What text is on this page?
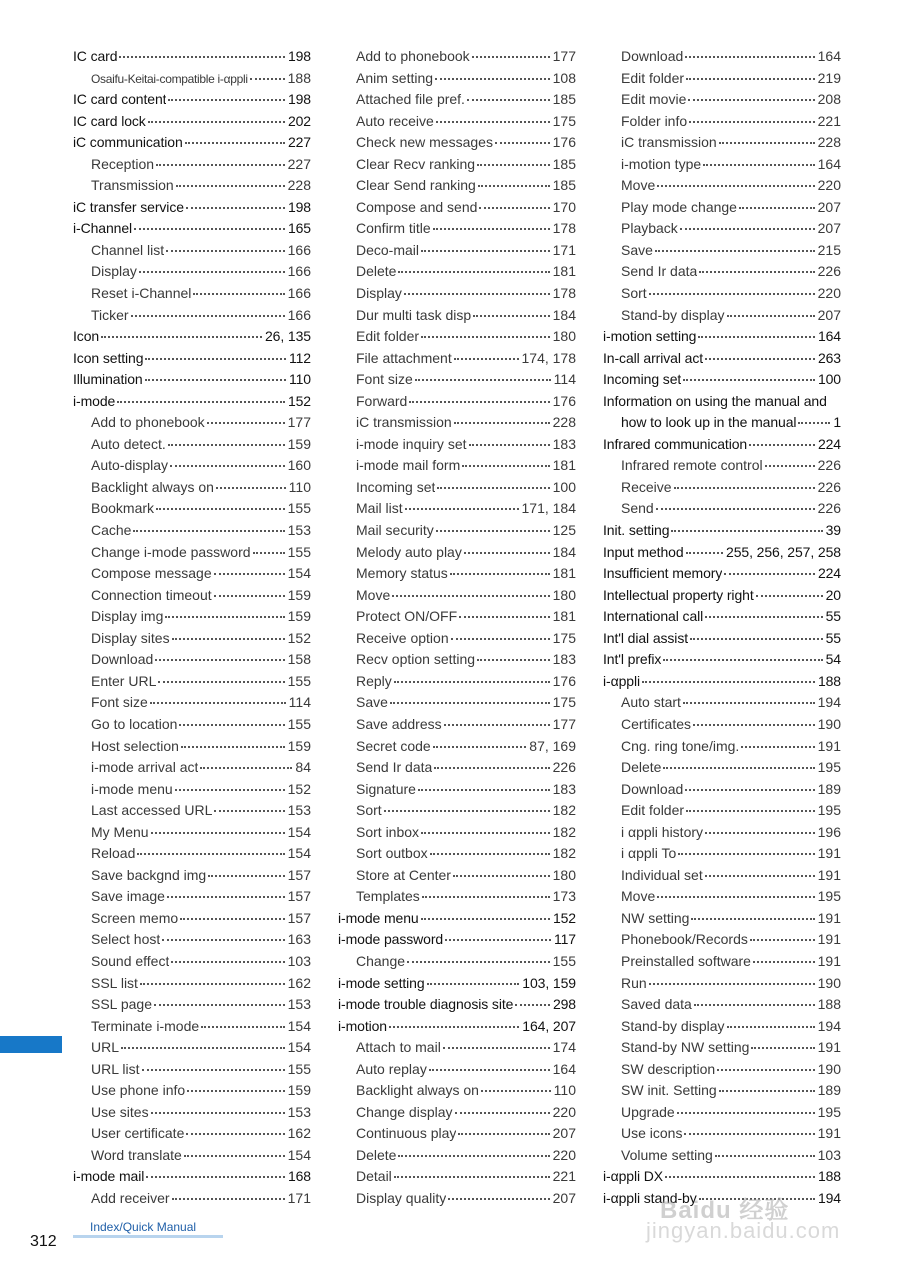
IC card	198
Osaifu-Keitai-compatible i-αppli	188
IC card content	198
IC card lock	202
iC communication	227
Reception	227
Transmission	228
iC transfer service	198
i-Channel	165
Channel list	166
Display	166
Reset i-Channel	166
Ticker	166
Icon	26, 135
Icon setting	112
Illumination	110
i-mode	152
Add to phonebook	177
Auto detect.	159
Auto-display	160
Backlight always on	110
Bookmark	155
Cache	153
Change i-mode password	155
Compose message	154
Connection timeout	159
Display img	159
Display sites	152
Download	158
Enter URL	155
Font size	114
Go to location	155
Host selection	159
i-mode arrival act	84
i-mode menu	152
Last accessed URL	153
My Menu	154
Reload	154
Save backgnd img	157
Save image	157
Screen memo	157
Select host	163
Sound effect	103
SSL list	162
SSL page	153
Terminate i-mode	154
URL	154
URL list	155
Use phone info	159
Use sites	153
User certificate	162
Word translate	154
i-mode mail	168
Add receiver	171
Add to phonebook	177
Anim setting	108
Attached file pref.	185
Auto receive	175
Check new messages	176
Clear Recv ranking	185
Clear Send ranking	185
Compose and send	170
Confirm title	178
Deco-mail	171
Delete	181
Display	178
Dur multi task disp	184
Edit folder	180
File attachment	174, 178
Font size	114
Forward	176
iC transmission	228
i-mode inquiry set	183
i-mode mail form	181
Incoming set	100
Mail list	171, 184
Mail security	125
Melody auto play	184
Memory status	181
Move	180
Protect ON/OFF	181
Receive option	175
Recv option setting	183
Reply	176
Save	175
Save address	177
Secret code	87, 169
Send Ir data	226
Signature	183
Sort	182
Sort inbox	182
Sort outbox	182
Store at Center	180
Templates	173
i-mode menu	152
i-mode password	117
Change	155
i-mode setting	103, 159
i-mode trouble diagnosis site	298
i-motion	164, 207
Attach to mail	174
Auto replay	164
Backlight always on	110
Change display	220
Continuous play	207
Delete	220
Detail	221
Display quality	207
Download	164
Edit folder	219
Edit movie	208
Folder info	221
iC transmission	228
i-motion type	164
Move	220
Play mode change	207
Playback	207
Save	215
Send Ir data	226
Sort	220
Stand-by display	207
i-motion setting	164
In-call arrival act	263
Incoming set	100
Information on using the manual and
how to look up in the manual	1
Infrared communication	224
Infrared remote control	226
Receive	226
Send	226
Init. setting	39
Input method	255, 256, 257, 258
Insufficient memory	224
Intellectual property right	20
International call	55
Int'l dial assist	55
Int'l prefix	54
i-αppli	188
Auto start	194
Certificates	190
Cng. ring tone/img.	191
Delete	195
Download	189
Edit folder	195
i αppli history	196
i αppli To	191
Individual set	191
Move	195
NW setting	191
Phonebook/Records	191
Preinstalled software	191
Run	190
Saved data	188
Stand-by display	194
Stand-by NW setting	191
SW description	190
SW init. Setting	189
Upgrade	195
Use icons	191
Volume setting	103
i-αppli DX	188
i-αppli stand-by	194
312
Index/Quick Manual
Baidu 经验
jingyan.baidu.com
